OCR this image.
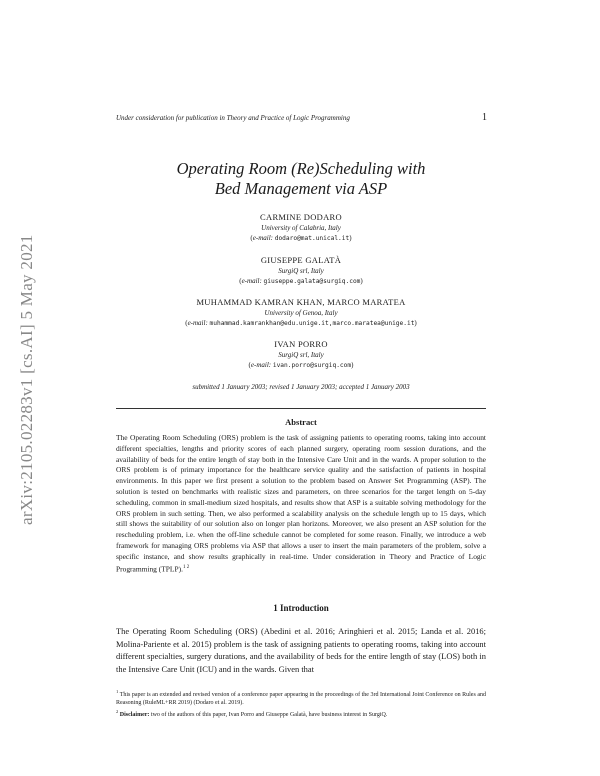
arXiv:2105.02283v1 [cs.AI] 5 May 2021
Under consideration for publication in Theory and Practice of Logic Programming	1
Operating Room (Re)Scheduling with
Bed Management via ASP
CARMINE DODARO
University of Calabria, Italy
(e-mail: dodaro@mat.unical.it)
GIUSEPPE GALATÀ
SurgiQ srl, Italy
(e-mail: giuseppe.galata@surgiq.com)
MUHAMMAD KAMRAN KHAN, MARCO MARATEA
University of Genoa, Italy
(e-mail: muhammad.kamrankhan@edu.unige.it,marco.maratea@unige.it)
IVAN PORRO
SurgiQ srl, Italy
(e-mail: ivan.porro@surgiq.com)
submitted 1 January 2003; revised 1 January 2003; accepted 1 January 2003
Abstract
The Operating Room Scheduling (ORS) problem is the task of assigning patients to operating rooms, taking into account different specialties, lengths and priority scores of each planned surgery, operating room session durations, and the availability of beds for the entire length of stay both in the Intensive Care Unit and in the wards. A proper solution to the ORS problem is of primary importance for the healthcare service quality and the satisfaction of patients in hospital environments. In this paper we first present a solution to the problem based on Answer Set Programming (ASP). The solution is tested on benchmarks with realistic sizes and parameters, on three scenarios for the target length on 5-day scheduling, common in small-medium sized hospitals, and results show that ASP is a suitable solving methodology for the ORS problem in such setting. Then, we also performed a scalability analysis on the schedule length up to 15 days, which still shows the suitability of our solution also on longer plan horizons. Moreover, we also present an ASP solution for the rescheduling problem, i.e. when the off-line schedule cannot be completed for some reason. Finally, we introduce a web framework for managing ORS problems via ASP that allows a user to insert the main parameters of the problem, solve a specific instance, and show results graphically in real-time. Under consideration in Theory and Practice of Logic Programming (TPLP).$^{1 2}$
1 Introduction
The Operating Room Scheduling (ORS) (Abedini et al. 2016; Aringhieri et al. 2015; Landa et al. 2016; Molina-Pariente et al. 2015) problem is the task of assigning patients to operating rooms, taking into account different specialties, surgery durations, and the availability of beds for the entire length of stay (LOS) both in the Intensive Care Unit (ICU) and in the wards. Given that
$^1$ This paper is an extended and revised version of a conference paper appearing in the proceedings of the 3rd International Joint Conference on Rules and Reasoning (RuleML+RR 2019) (Dodaro et al. 2019).
$^2$ Disclaimer: two of the authors of this paper, Ivan Porro and Giuseppe Galatà, have business interest in SurgiQ.
